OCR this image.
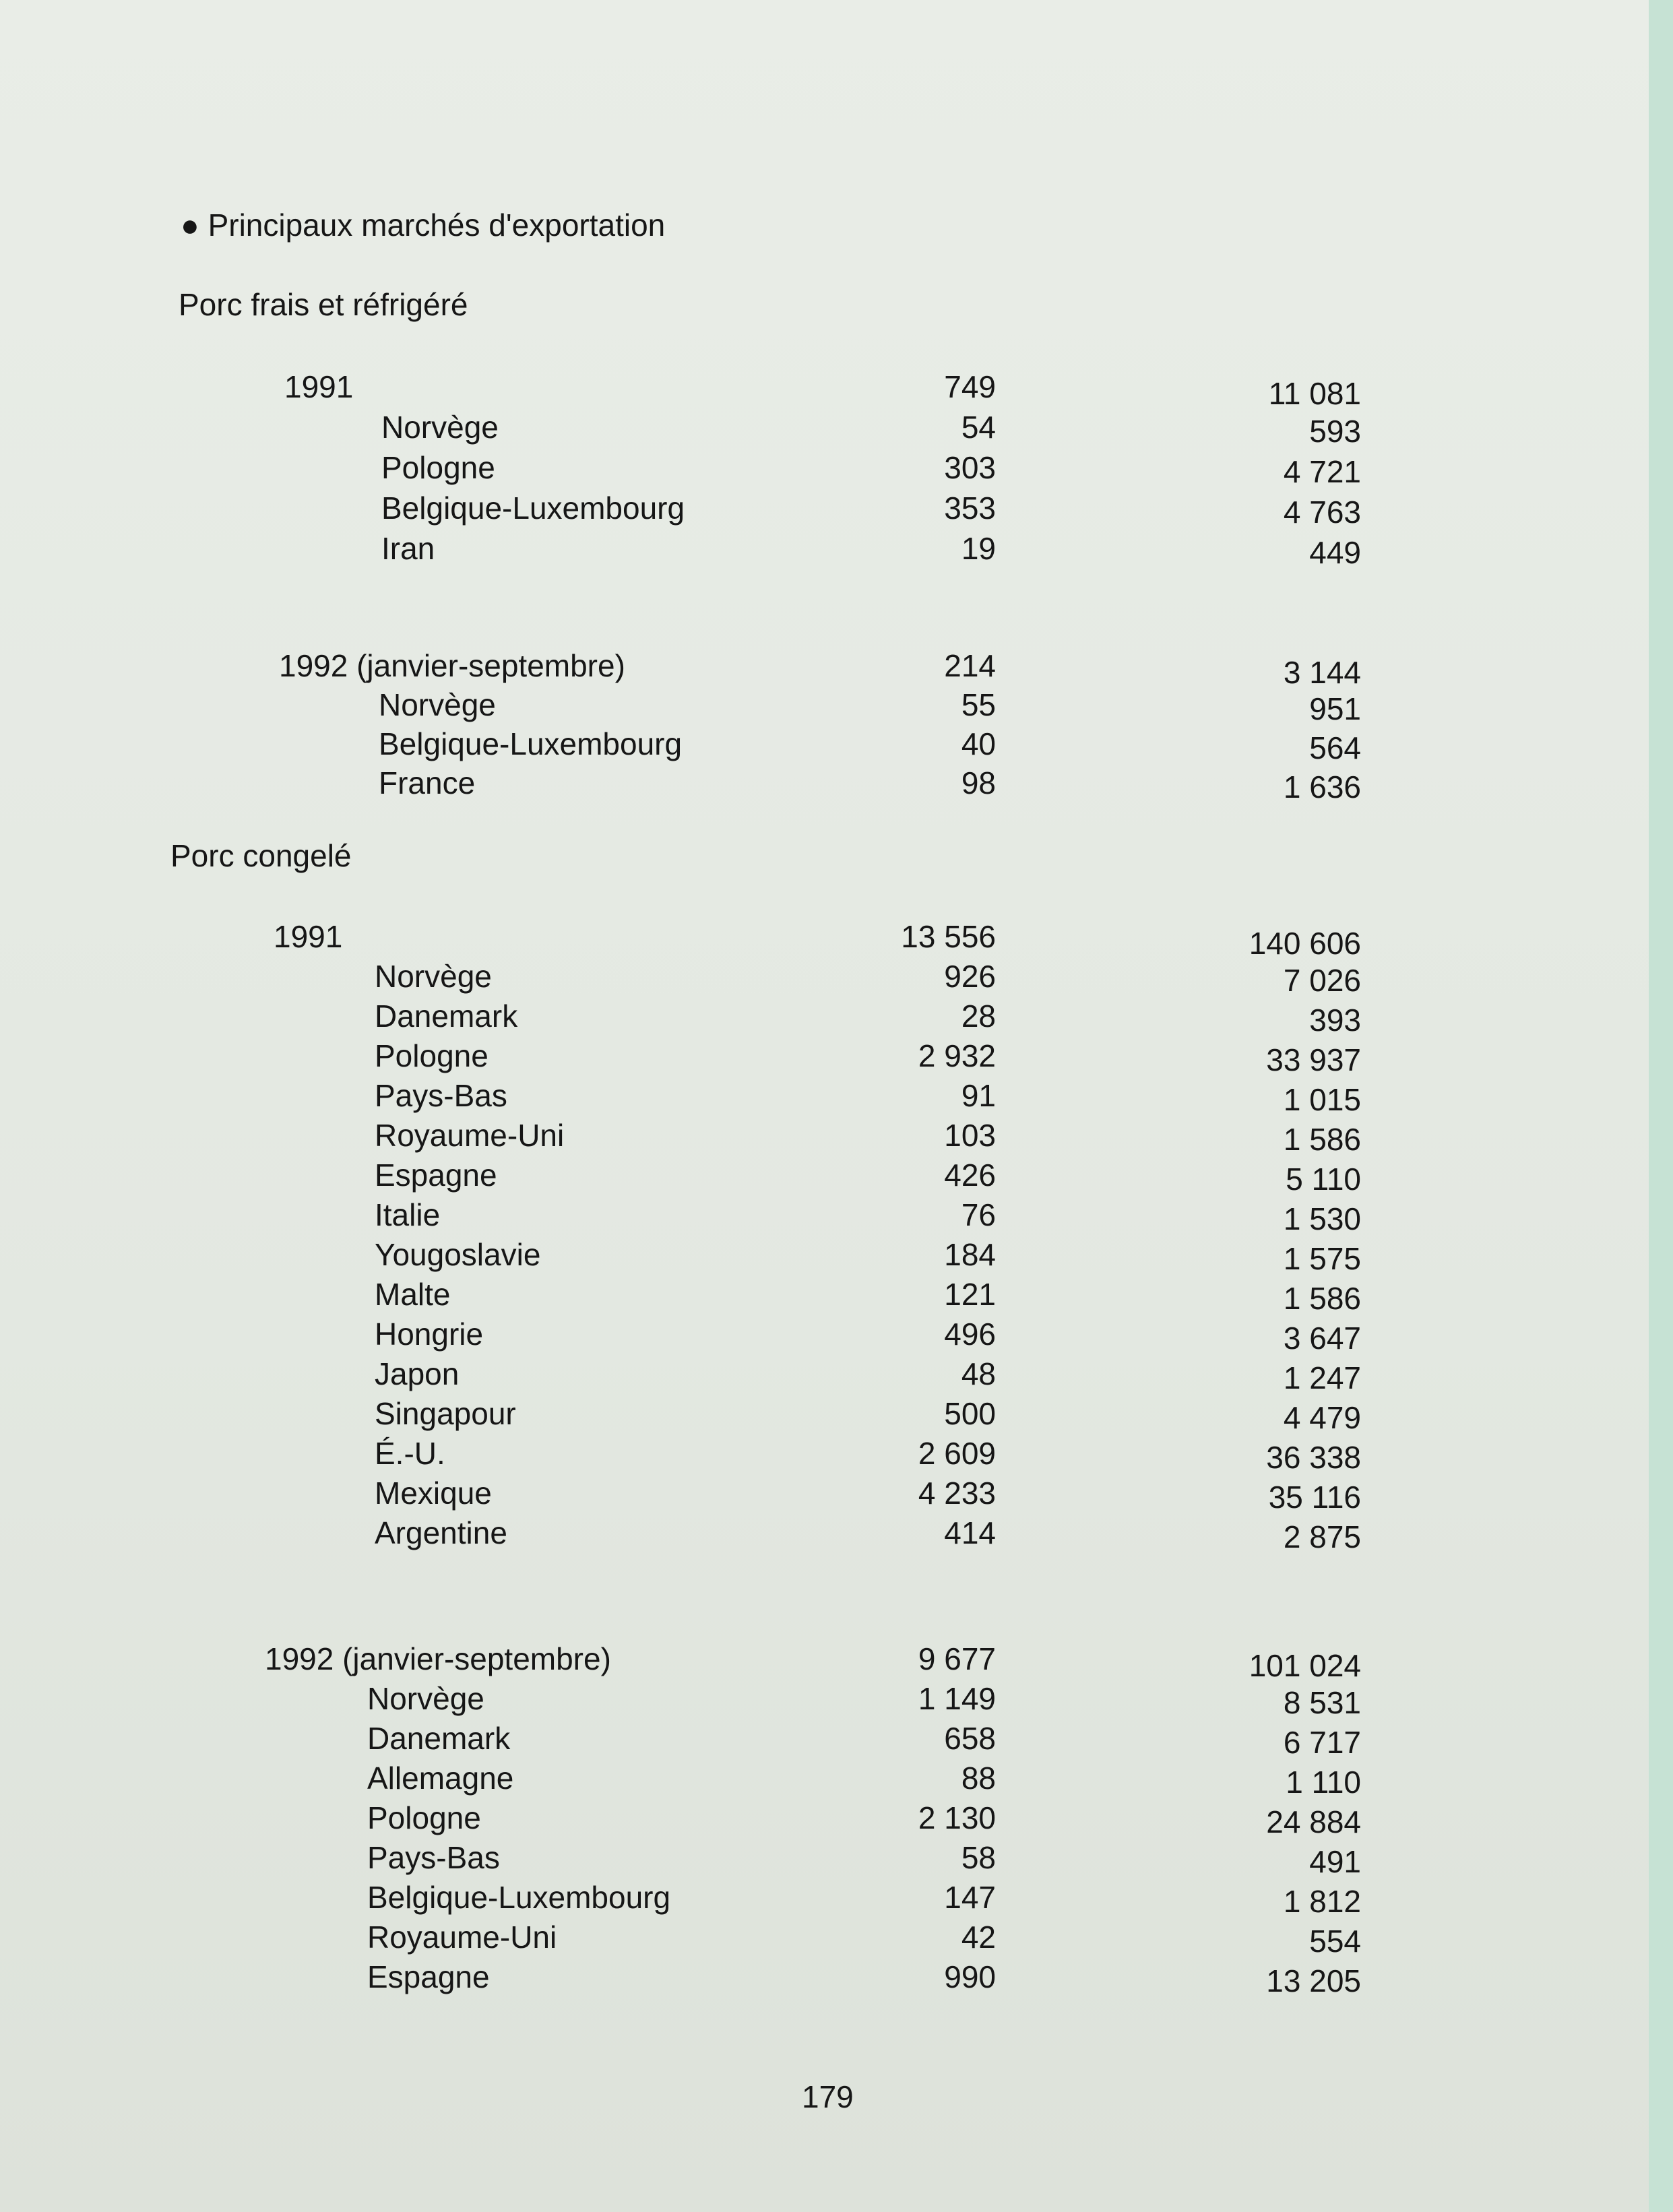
● Principaux marchés d'exportation
Porc frais et réfrigéré
1991	749	11 081
Norvège	54	593
Pologne	303	4 721
Belgique-Luxembourg	353	4 763
Iran	19	449
1992 (janvier-septembre)	214	3 144
Norvège	55	951
Belgique-Luxembourg	40	564
France	98	1 636
Porc congelé
1991	13 556	140 606
Norvège	926	7 026
Danemark	28	393
Pologne	2 932	33 937
Pays-Bas	91	1 015
Royaume-Uni	103	1 586
Espagne	426	5 110
Italie	76	1 530
Yougoslavie	184	1 575
Malte	121	1 586
Hongrie	496	3 647
Japon	48	1 247
Singapour	500	4 479
É.-U.	2 609	36 338
Mexique	4 233	35 116
Argentine	414	2 875
1992 (janvier-septembre)	9 677	101 024
Norvège	1 149	8 531
Danemark	658	6 717
Allemagne	88	1 110
Pologne	2 130	24 884
Pays-Bas	58	491
Belgique-Luxembourg	147	1 812
Royaume-Uni	42	554
Espagne	990	13 205
179
